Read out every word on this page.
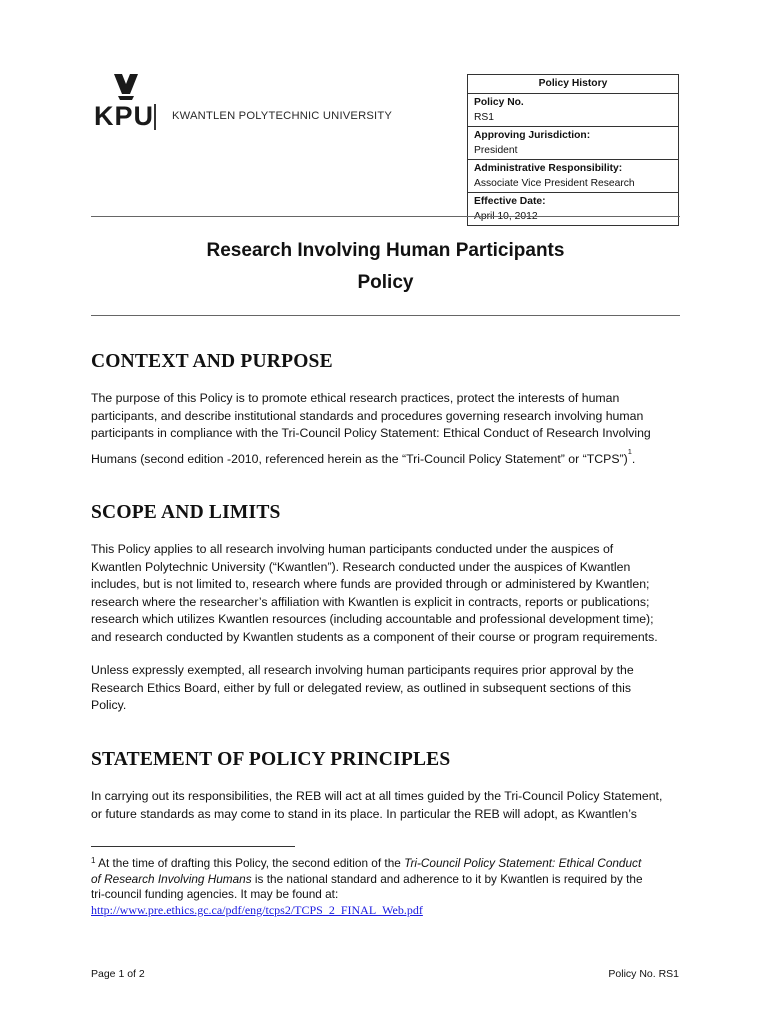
KPU KWANTLEN POLYTECHNIC UNIVERSITY
Policy History
Policy No.
RS1
Approving Jurisdiction:
President
Administrative Responsibility:
Associate Vice President Research
Effective Date:
Research Involving Human Participants
Policy
CONTEXT AND PURPOSE
The purpose of this Policy is to promote ethical research practices, protect the interests of human
participants, and describe institutional standards and procedures governing research involving human
participants in compliance with the Tri-Council Policy Statement: Ethical Conduct of Research Involving
Humans (second edition -2010, referenced herein as the “Tri-Council Policy Statement” or “TCPS”)$^1$.
SCOPE AND LIMITS
This Policy applies to all research involving human participants conducted under the auspices of
Kwantlen Polytechnic University (“Kwantlen”). Research conducted under the auspices of Kwantlen
includes, but is not limited to, research where funds are provided through or administered by Kwantlen;
research where the researcher’s affiliation with Kwantlen is explicit in contracts, reports or publications;
research which utilizes Kwantlen resources (including accountable and professional development time);
and research conducted by Kwantlen students as a component of their course or program requirements.
Unless expressly exempted, all research involving human participants requires prior approval by the
Research Ethics Board, either by full or delegated review, as outlined in subsequent sections of this
Policy.
STATEMENT OF POLICY PRINCIPLES
In carrying out its responsibilities, the REB will act at all times guided by the Tri-Council Policy Statement,
or future standards as may come to stand in its place. In particular the REB will adopt, as Kwantlen’s
$^1$ At the time of drafting this Policy, the second edition of the Tri-Council Policy Statement: Ethical Conduct
of Research Involving Humans is the national standard and adherence to it by Kwantlen is required by the
tri-council funding agencies. It may be found at:
http://www.pre.ethics.gc.ca/pdf/eng/tcps2/TCPS_2_FINAL_Web.pdf
Page 1 of 2	Policy No. RS1
